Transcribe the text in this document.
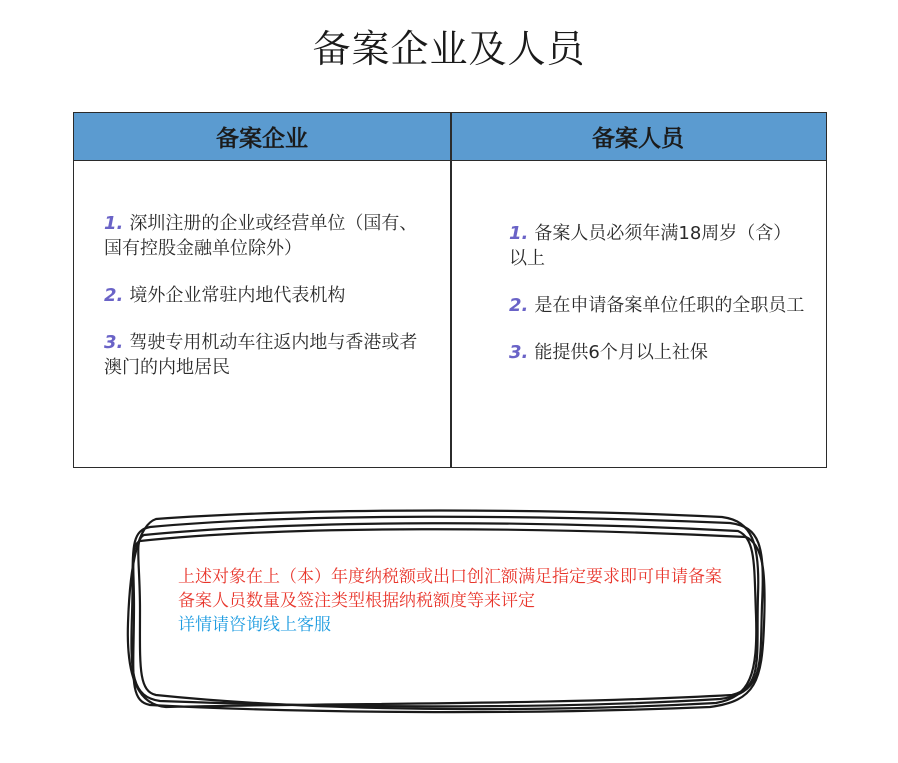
备案企业及人员
备案企业	备案人员
1. 深圳注册的企业或经营单位（国有、国有控股金融单位除外）
2. 境外企业常驻内地代表机构
3. 驾驶专用机动车往返内地与香港或者澳门的内地居民
1. 备案人员必须年满18周岁（含）以上
2. 是在申请备案单位任职的全职员工
3. 能提供6个月以上社保
上述对象在上（本）年度纳税额或出口创汇额满足指定要求即可申请备案
备案人员数量及签注类型根据纳税额度等来评定
详情请咨询线上客服
